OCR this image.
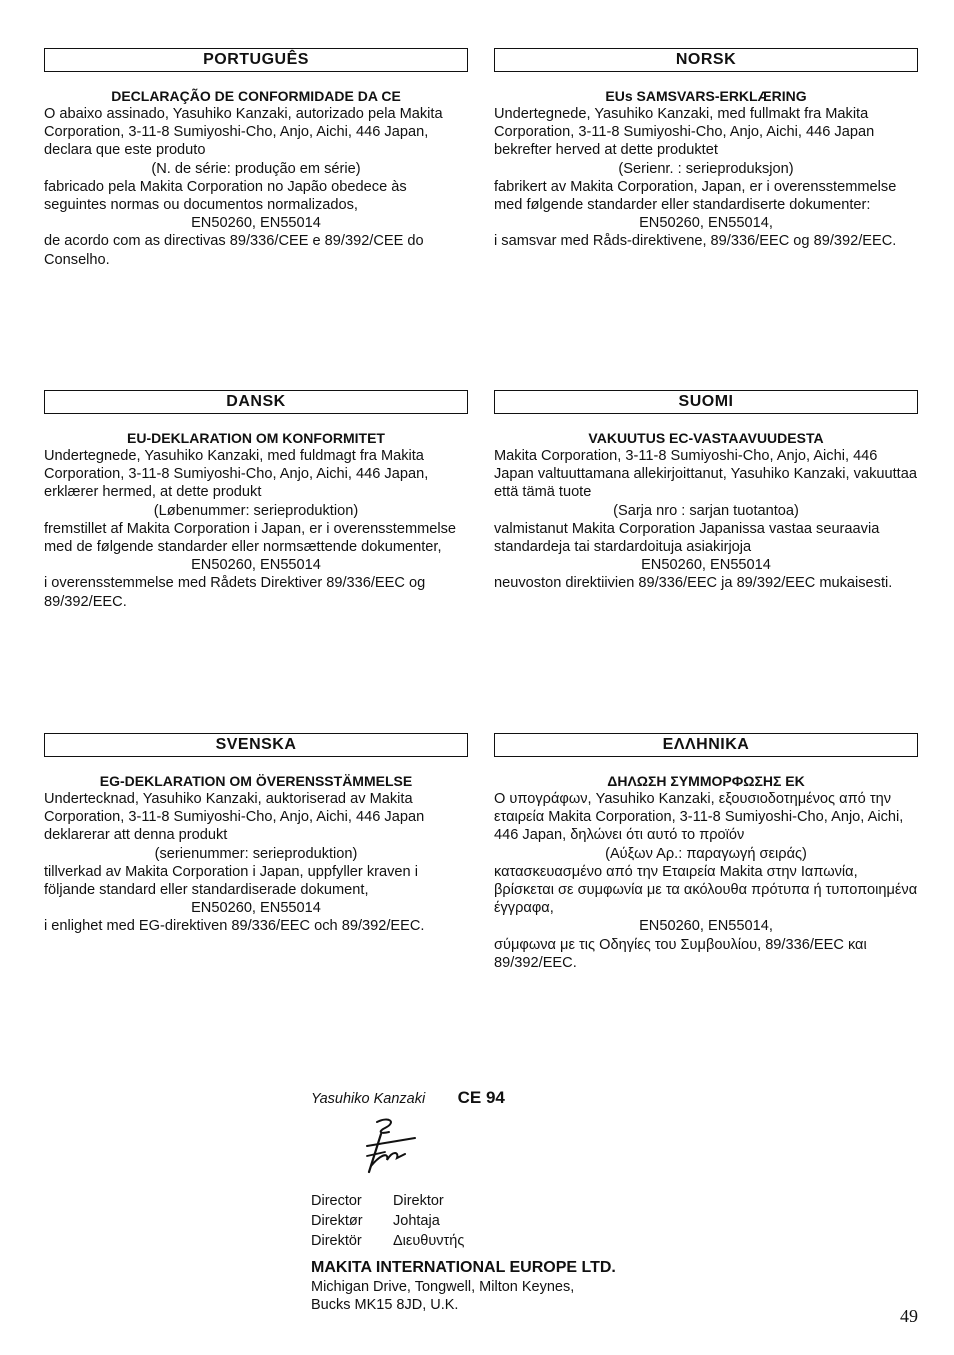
PORTUGUÊS
DECLARAÇÃO DE CONFORMIDADE DA CE

O abaixo assinado, Yasuhiko Kanzaki, autorizado pela Makita Corporation, 3-11-8 Sumiyoshi-Cho, Anjo, Aichi, 446 Japan, declara que este produto

(N. de série: produção em série)

fabricado pela Makita Corporation no Japão obedece às seguintes normas ou documentos normalizados,

EN50260, EN55014

de acordo com as directivas 89/336/CEE e 89/392/CEE do Conselho.

NORSK
EUs SAMSVARS-ERKLÆRING

Undertegnede, Yasuhiko Kanzaki, med fullmakt fra Makita Corporation, 3-11-8 Sumiyoshi-Cho, Anjo, Aichi, 446 Japan bekrefter herved at dette produktet

(Serienr. : serieproduksjon)

fabrikert av Makita Corporation, Japan, er i overensstemmelse med følgende standarder eller standardiserte dokumenter:

EN50260, EN55014,

i samsvar med Råds-direktivene, 89/336/EEC og 89/392/EEC.

DANSK
EU-DEKLARATION OM KONFORMITET

Undertegnede, Yasuhiko Kanzaki, med fuldmagt fra Makita Corporation, 3-11-8 Sumiyoshi-Cho, Anjo, Aichi, 446 Japan, erklærer hermed, at dette produkt

(Løbenummer: serieproduktion)

fremstillet af Makita Corporation i Japan, er i overensstemmelse med de følgende standarder eller normsættende dokumenter,

EN50260, EN55014

i overensstemmelse med Rådets Direktiver 89/336/EEC og 89/392/EEC.

SUOMI
VAKUUTUS EC-VASTAAVUUDESTA

Makita Corporation, 3-11-8 Sumiyoshi-Cho, Anjo, Aichi, 446 Japan valtuuttamana allekirjoittanut, Yasuhiko Kanzaki, vakuuttaa että tämä tuote

(Sarja nro : sarjan tuotantoa)

valmistanut Makita Corporation Japanissa vastaa seuraavia standardeja tai stardardoituja asiakirjoja

EN50260, EN55014

neuvoston direktiivien 89/336/EEC ja 89/392/EEC mukaisesti.

SVENSKA
EG-DEKLARATION OM ÖVERENSSTÄMMELSE

Undertecknad, Yasuhiko Kanzaki, auktoriserad av Makita Corporation, 3-11-8 Sumiyoshi-Cho, Anjo, Aichi, 446 Japan deklarerar att denna produkt

(serienummer: serieproduktion)

tillverkad av Makita Corporation i Japan, uppfyller kraven i följande standard eller standardiserade dokument,

EN50260, EN55014

i enlighet med EG-direktiven 89/336/EEC och 89/392/EEC.

ΕΛΛΗΝΙΚΑ
ΔΗΛΩΣΗ ΣΥΜΜΟΡΦΩΣΗΣ ΕΚ

Ο υπογράφων, Yasuhiko Kanzaki, εξουσιοδοτημένος από την εταιρεία Makita Corporation, 3-11-8 Sumiyoshi-Cho, Anjo, Aichi, 446 Japan, δηλώνει ότι αυτό το προϊόν

(Αύξων Αρ.: παραγωγή σειράς)

κατασκευασμένο από την Εταιρεία Makita στην Ιαπωνία, βρίσκεται σε συμφωνία με τα ακόλουθα πρότυπα ή τυποποιημένα έγγραφα,

EN50260, EN55014,

σύμφωνα με τις Οδηγίες του Συμβουλίου, 89/336/EEC και 89/392/EEC.

Yasuhiko Kanzaki CE 94
Director	Direktor
Direktør	Johtaja
Direktör	Διευθυντής
MAKITA INTERNATIONAL EUROPE LTD.
Michigan Drive, Tongwell, Milton Keynes,
Bucks MK15 8JD, U.K.
49
